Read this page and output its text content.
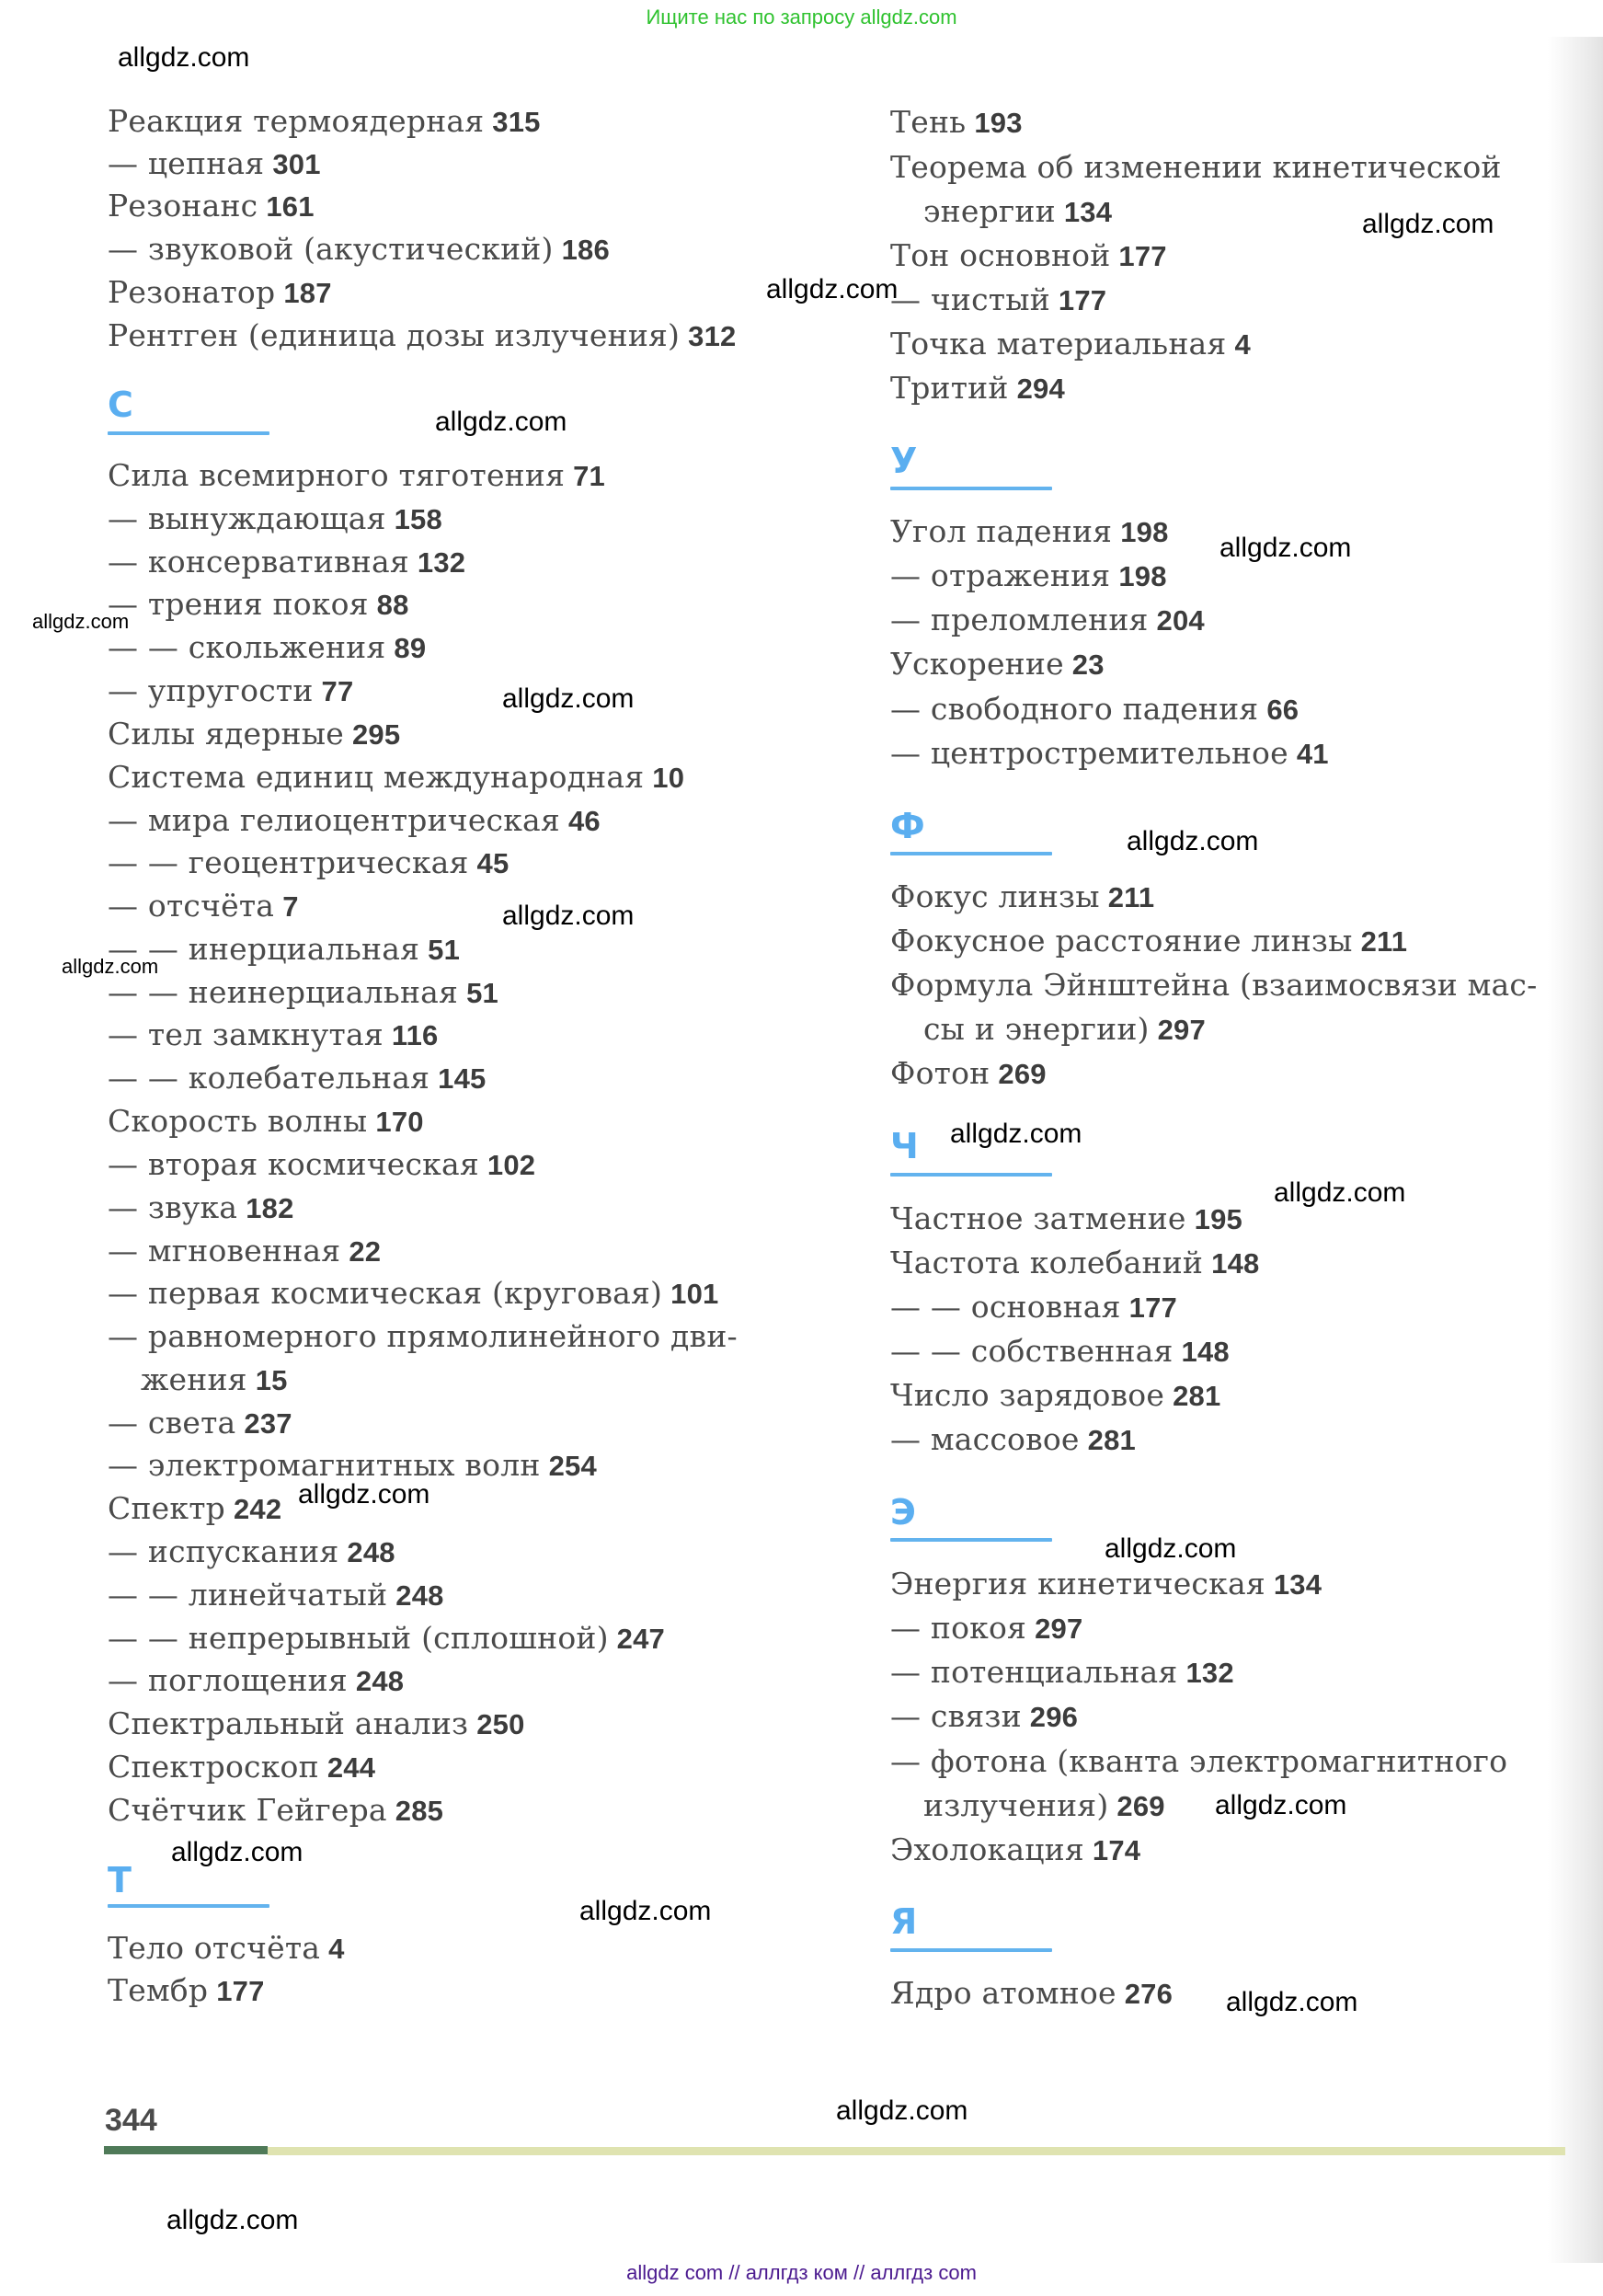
Ищите нас по запросу allgdz.com
Реакция термоядерная 315
— цепная 301
Резонанс 161
— звуковой (акустический) 186
Резонатор 187
Рентген (единица дозы излучения) 312
С
Сила всемирного тяготения 71
— вынуждающая 158
— консервативная 132
— трения покоя 88
— — скольжения 89
— упругости 77
Силы ядерные 295
Система единиц международная 10
— мира гелиоцентрическая 46
— — геоцентрическая 45
— отсчёта 7
— — инерциальная 51
— — неинерциальная 51
— тел замкнутая 116
— — колебательная 145
Скорость волны 170
— вторая космическая 102
— звука 182
— мгновенная 22
— первая космическая (круговая) 101
— равномерного прямолинейного дви-
жения 15
— света 237
— электромагнитных волн 254
Спектр 242
— испускания 248
— — линейчатый 248
— — непрерывный (сплошной) 247
— поглощения 248
Спектральный анализ 250
Спектроскоп 244
Счётчик Гейгера 285
Т
Тело отсчёта 4
Тембр 177
Тень 193
Теорема об изменении кинетической
энергии 134
Тон основной 177
— чистый 177
Точка материальная 4
Тритий 294
У
Угол падения 198
— отражения 198
— преломления 204
Ускорение 23
— свободного падения 66
— центростремительное 41
Ф
Фокус линзы 211
Фокусное расстояние линзы 211
Формула Эйнштейна (взаимосвязи мас-
сы и энергии) 297
Фотон 269
Ч
Частное затмение 195
Частота колебаний 148
— — основная 177
— — собственная 148
Число зарядовое 281
— массовое 281
Э
Энергия кинетическая 134
— покоя 297
— потенциальная 132
— связи 296
— фотона (кванта электромагнитного
излучения) 269
Эхолокация 174
Я
Ядро атомное 276
344
allgdz.com
allgdz.com
allgdz.com
allgdz.com
allgdz.com
allgdz.com
allgdz.com
allgdz.com
allgdz.com
allgdz.com
allgdz.com
allgdz.com
allgdz.com
allgdz.com
allgdz.com
allgdz.com
allgdz.com
allgdz.com
allgdz.com
allgdz.com
allgdz com // аллгдз ком // аллгдз com
